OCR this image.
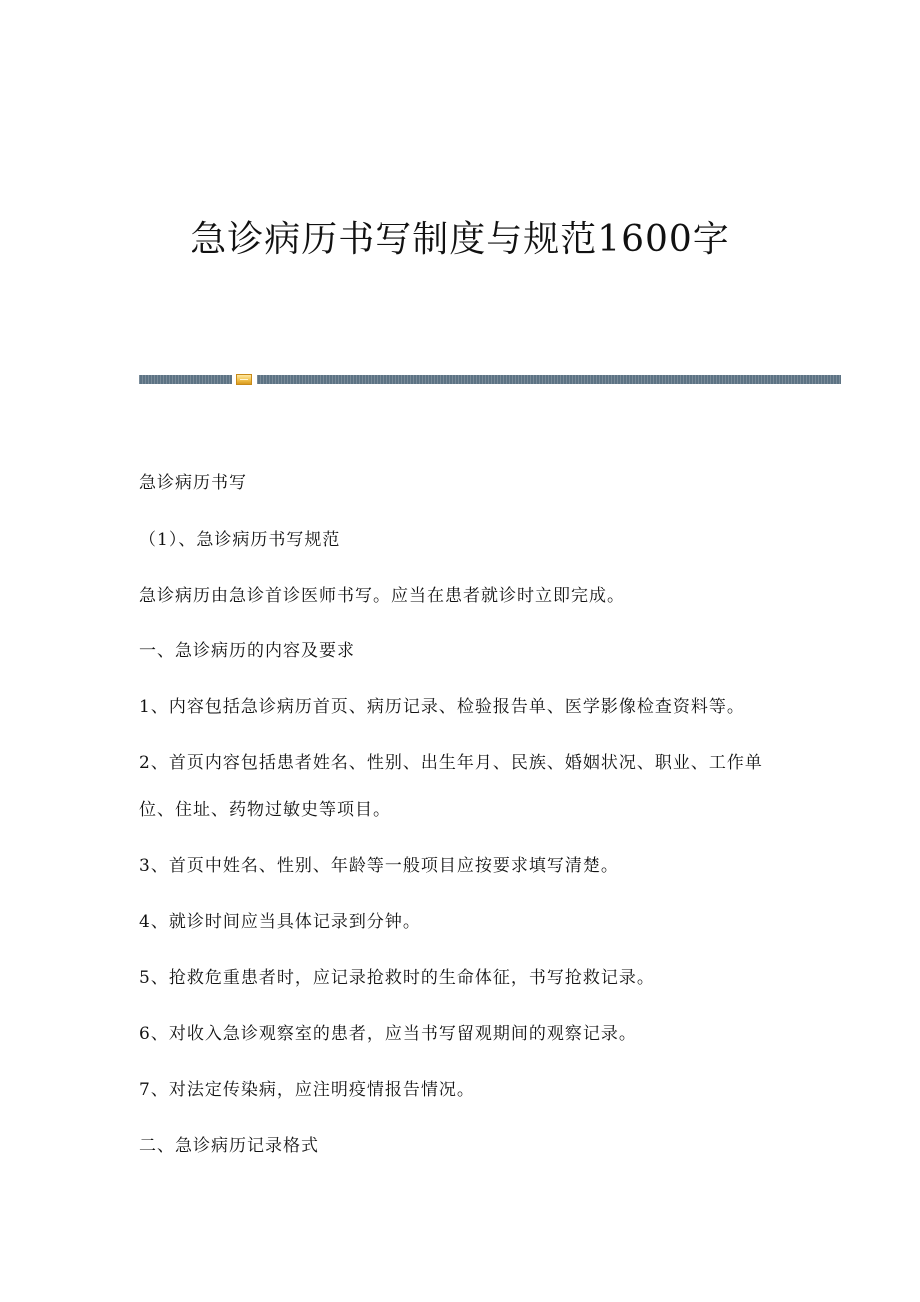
急诊病历书写制度与规范1600字

急诊病历书写

（1）、急诊病历书写规范

急诊病历由急诊首诊医师书写。应当在患者就诊时立即完成。

一、急诊病历的内容及要求

1、内容包括急诊病历首页、病历记录、检验报告单、医学影像检查资料等。

2、首页内容包括患者姓名、性别、出生年月、民族、婚姻状况、职业、工作单

位、住址、药物过敏史等项目。

3、首页中姓名、性别、年龄等一般项目应按要求填写清楚。

4、就诊时间应当具体记录到分钟。

5、抢救危重患者时，应记录抢救时的生命体征，书写抢救记录。

6、对收入急诊观察室的患者，应当书写留观期间的观察记录。

7、对法定传染病，应注明疫情报告情况。

二、急诊病历记录格式
